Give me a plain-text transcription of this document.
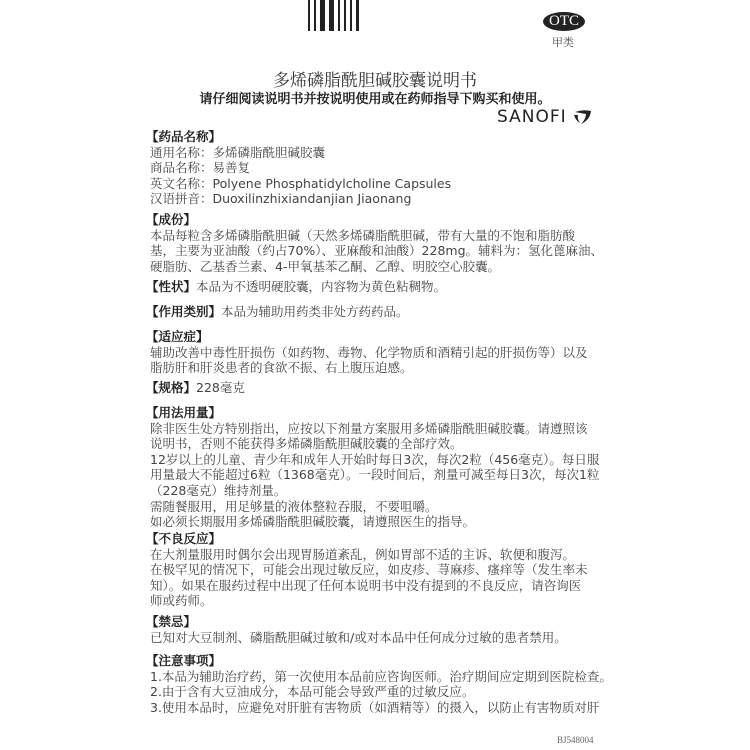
OTC
甲类
多烯磷脂酰胆碱胶囊说明书
请仔细阅读说明书并按说明使用或在药师指导下购买和使用。
SANOFI
【药品名称】
通用名称：多烯磷脂酰胆碱胶囊
商品名称：易善复
英文名称：Polyene Phosphatidylcholine Capsules
汉语拼音：Duoxilinzhixiandanjian Jiaonang
【成份】
本品每粒含多烯磷脂酰胆碱（天然多烯磷脂酰胆碱，带有大量的不饱和脂肪酸
基，主要为亚油酸（约占70%）、亚麻酸和油酸）228mg。辅料为：氢化蓖麻油、
硬脂肪、乙基香兰素、4-甲氧基苯乙酮、乙醇、明胶空心胶囊。
【性状】本品为不透明硬胶囊，内容物为黄色粘稠物。
【作用类别】本品为辅助用药类非处方药药品。
【适应症】
辅助改善中毒性肝损伤（如药物、毒物、化学物质和酒精引起的肝损伤等）以及
脂肪肝和肝炎患者的食欲不振、右上腹压迫感。
【规格】228毫克
【用法用量】
除非医生处方特别指出，应按以下剂量方案服用多烯磷脂酰胆碱胶囊。请遵照该
说明书，否则不能获得多烯磷脂酰胆碱胶囊的全部疗效。
12岁以上的儿童、青少年和成年人开始时每日3次，每次2粒（456毫克）。每日服
用量最大不能超过6粒（1368毫克）。一段时间后，剂量可减至每日3次，每次1粒
（228毫克）维持剂量。
需随餐服用，用足够量的液体整粒吞服，不要咀嚼。
如必须长期服用多烯磷脂酰胆碱胶囊，请遵照医生的指导。
【不良反应】
在大剂量服用时偶尔会出现胃肠道紊乱，例如胃部不适的主诉、软便和腹泻。
在极罕见的情况下，可能会出现过敏反应，如皮疹、荨麻疹、瘙痒等（发生率未
知）。如果在服药过程中出现了任何本说明书中没有提到的不良反应，请咨询医
师或药师。
【禁忌】
已知对大豆制剂、磷脂酰胆碱过敏和/或对本品中任何成分过敏的患者禁用。
【注意事项】
1.本品为辅助治疗药，第一次使用本品前应咨询医师。治疗期间应定期到医院检查。
2.由于含有大豆油成分，本品可能会导致严重的过敏反应。
3.使用本品时，应避免对肝脏有害物质（如酒精等）的摄入，以防止有害物质对肝
BJ548004
